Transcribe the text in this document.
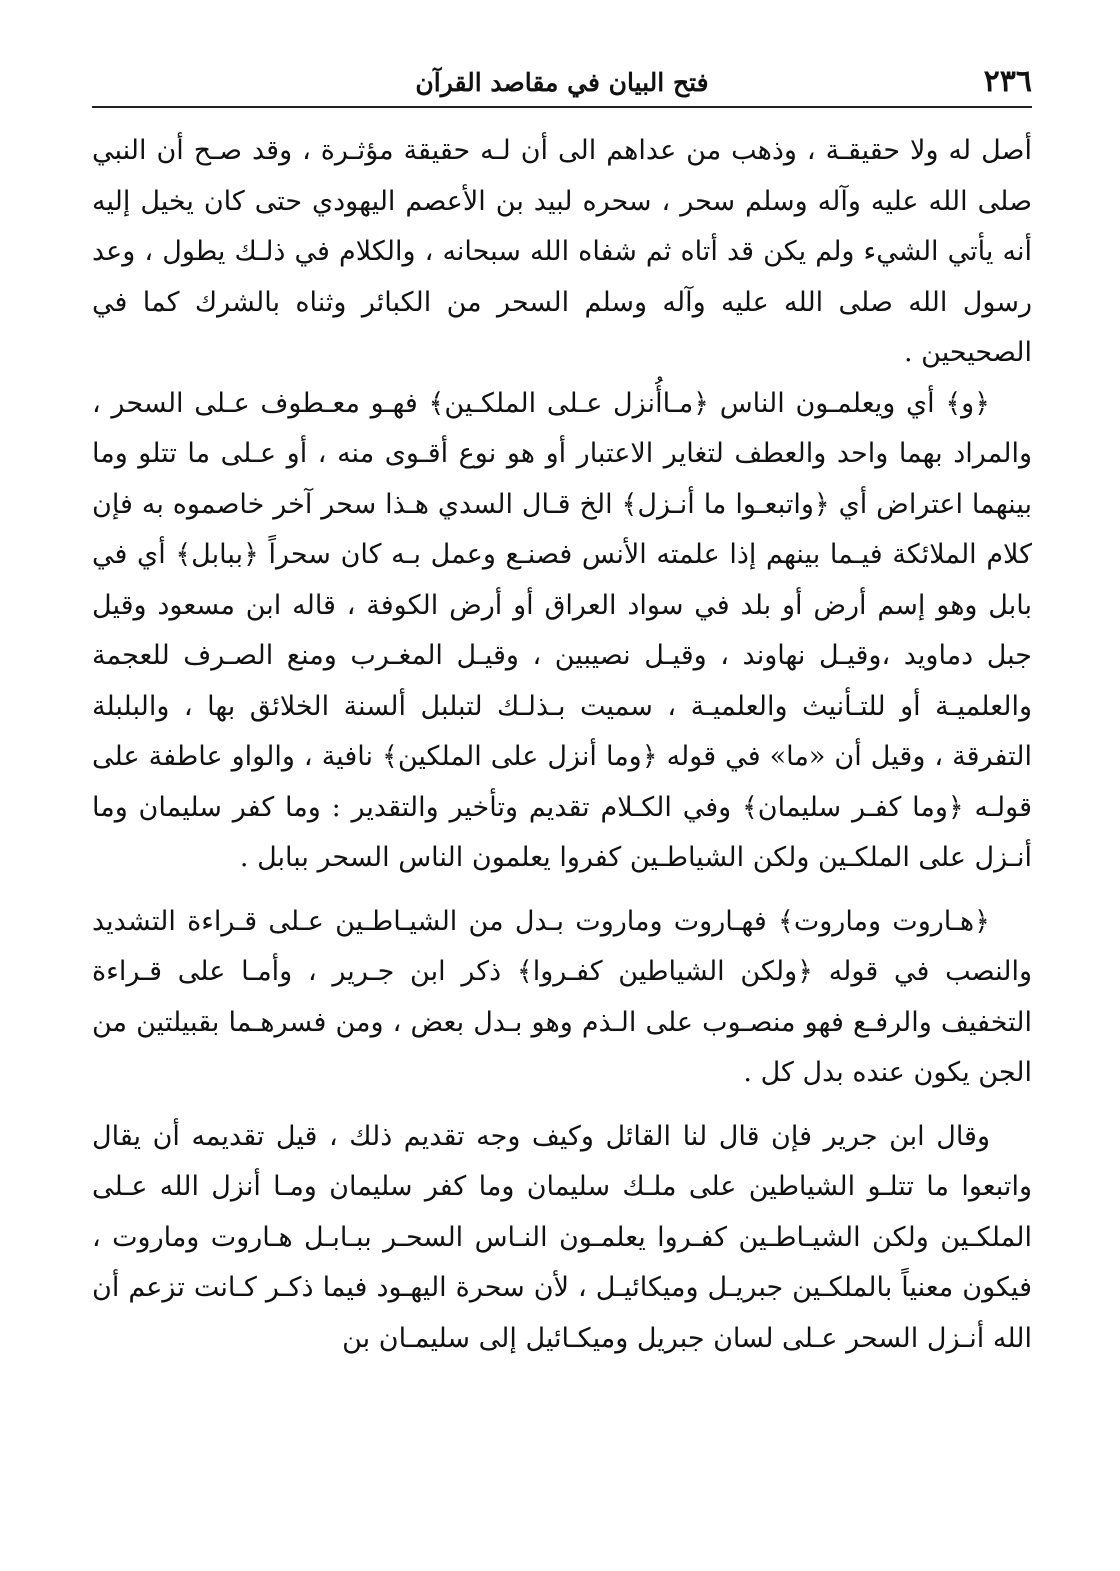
٢٣٦
فتح البيان في مقاصد القرآن

أصل له ولا حقيقـة ، وذهب من عداهم الى أن لـه حقيقة مؤثـرة ، وقد صـح أن النبي صلى الله عليه وآله وسلم سحر ، سحره لبيد بن الأعصم اليهودي حتى كان يخيل إليه أنه يأتي الشيء ولم يكن قد أتاه ثم شفاه الله سبحانه ، والكلام في ذلـك يطول ، وعد رسول الله صلى الله عليه وآله وسلم السحر من الكبائر وثناه بالشرك كما في الصحيحين .

﴿و﴾ أي ويعلمـون الناس ﴿مـاأُنزل عـلى الملكـين﴾ فهـو معـطوف عـلى السحر ، والمراد بهما واحد والعطف لتغاير الاعتبار أو هو نوع أقـوى منه ، أو عـلى ما تتلو وما بينهما اعتراض أي ﴿واتبعـوا ما أنـزل﴾ الخ قـال السدي هـذا سحر آخر خاصموه به فإن كلام الملائكة فيـما بينهم إذا علمته الأنس فصنـع وعمل بـه كان سحراً ﴿ببابل﴾ أي في بابل وهو إسم أرض أو بلد في سواد العراق أو أرض الكوفة ، قاله ابن مسعود وقيل جبل دماويد ،وقيـل نهاوند ، وقيـل نصيبين ، وقيـل المغـرب ومنع الصـرف للعجمة والعلميـة أو للتـأنيث والعلميـة ، سميت بـذلـك لتبلبل ألسنة الخلائق بها ، والبلبلة التفرقة ، وقيل أن «ما» في قوله ﴿وما أنزل على الملكين﴾ نافية ، والواو عاطفة على قولـه ﴿وما كفـر سليمان﴾ وفي الكـلام تقديم وتأخير والتقدير : وما كفر سليمان وما أنـزل على الملكـين ولكن الشياطـين كفروا يعلمون الناس السحر ببابل .

﴿هـاروت وماروت﴾ فهـاروت وماروت بـدل من الشيـاطـين عـلى قـراءة التشديد والنصب في قوله ﴿ولكن الشياطين كفـروا﴾ ذكر ابن جـرير ، وأمـا على قـراءة التخفيف والرفـع فهو منصـوب على الـذم وهو بـدل بعض ، ومن فسرهـما بقبيلتين من الجن يكون عنده بدل كل .

وقال ابن جرير فإن قال لنا القائل وكيف وجه تقديم ذلك ، قيل تقديمه أن يقال واتبعوا ما تتلـو الشياطين على ملـك سليمان وما كفر سليمان ومـا أنزل الله عـلى الملكـين ولكن الشيـاطـين كفـروا يعلمـون النـاس السحـر ببـابـل هـاروت وماروت ، فيكون معنياً بالملكـين جبريـل وميكائيـل ، لأن سحرة اليهـود فيما ذكـر كـانت تزعم أن الله أنـزل السحر عـلى لسان جبريل وميكـائيل إلى سليمـان بن
